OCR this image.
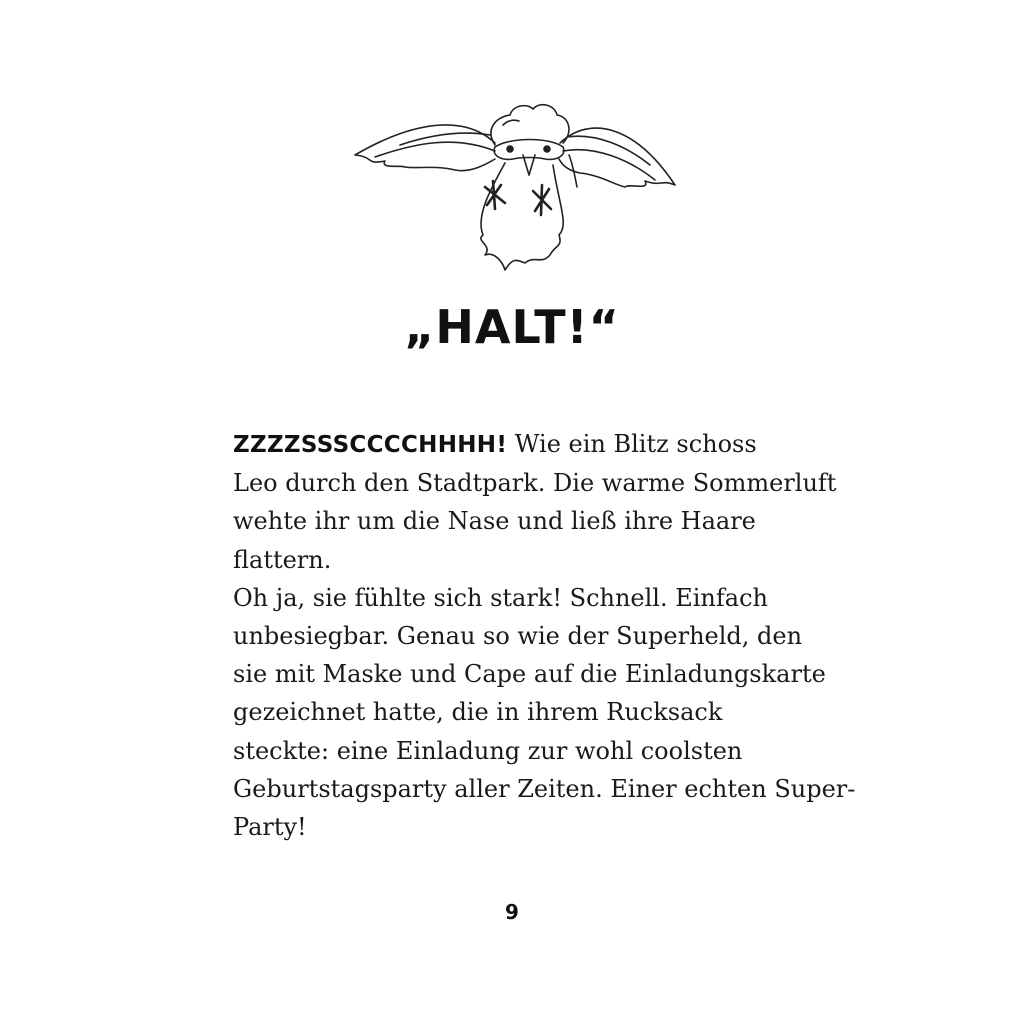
„HALT!“
ZZZZSSSCCCCHHHH! Wie ein Blitz schoss
Leo durch den Stadtpark. Die warme Sommerluft
wehte ihr um die Nase und ließ ihre Haare
flattern.
Oh ja, sie fühlte sich stark! Schnell. Einfach
unbesiegbar. Genau so wie der Superheld, den
sie mit Maske und Cape auf die Einladungskarte
gezeichnet hatte, die in ihrem Rucksack
steckte: eine Einladung zur wohl coolsten
Geburtstagsparty aller Zeiten. Einer echten Super-
Party!
9
